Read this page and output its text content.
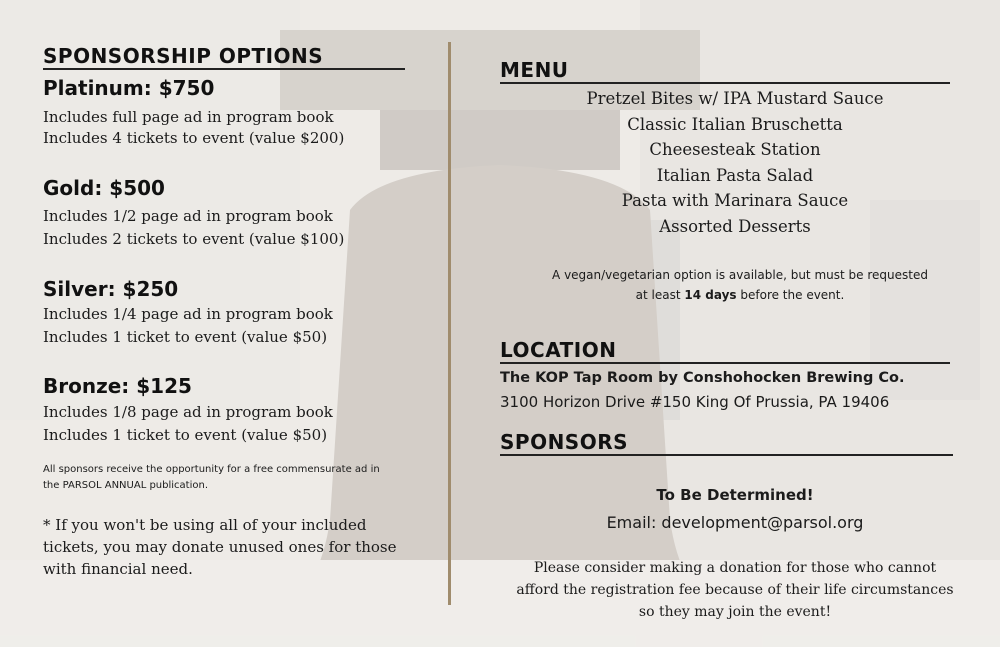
SPONSORSHIP OPTIONS
Platinum: $750
Includes full page ad in program book
Includes 4 tickets to event (value $200)
Gold: $500
Includes 1/2 page ad in program book
Includes 2 tickets to event (value $100)
Silver: $250
Includes 1/4 page ad in program book
Includes 1 ticket to event (value $50)
Bronze: $125
Includes 1/8 page ad in program book
Includes 1 ticket to event (value $50)
All sponsors receive the opportunity for a free commensurate ad in
the PARSOL ANNUAL publication.
* If you won't be using all of your included tickets, you may donate unused ones for those with financial need.
MENU
Pretzel Bites w/ IPA Mustard Sauce
Classic Italian Bruschetta
Cheesesteak Station
Italian Pasta Salad
Pasta with Marinara Sauce
Assorted Desserts
A vegan/vegetarian option is available, but must be requested
at least 14 days before the event.
LOCATION
The KOP Tap Room by Conshohocken Brewing Co.
3100 Horizon Drive #150 King Of Prussia, PA 19406
SPONSORS
To Be Determined!
Email: development@parsol.org
Please consider making a donation for those who cannot
afford the registration fee because of their life circumstances
so they may join the event!
